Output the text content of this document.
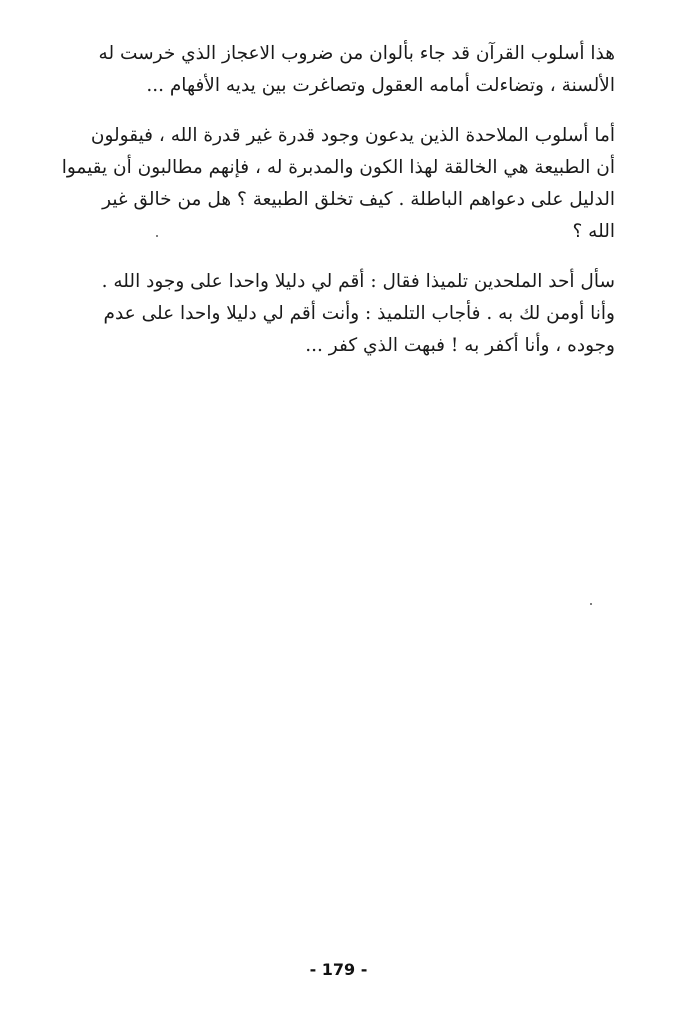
هذا أسلوب القرآن قد جاء بألوان من ضروب الاعجاز الذي خرست له
الألسنة ، وتضاءلت أمامه العقول وتصاغرت بين يديه الأفهام ...

أما أسلوب الملاحدة الذين يدعون وجود قدرة غير قدرة الله ، فيقولون
أن الطبيعة هي الخالقة لهذا الكون والمدبرة له ، فإنهم مطالبون أن يقيموا
الدليل على دعواهم الباطلة . كيف تخلق الطبيعة ؟ هل من خالق غير
الله ؟

سأل أحد الملحدين تلميذا فقال : أقم لي دليلا واحدا على وجود الله .
وأنا أومن لك به . فأجاب التلميذ : وأنت أقم لي دليلا واحدا على عدم
وجوده ، وأنا أكفر به ! فبهت الذي كفر ...

- 179 -
